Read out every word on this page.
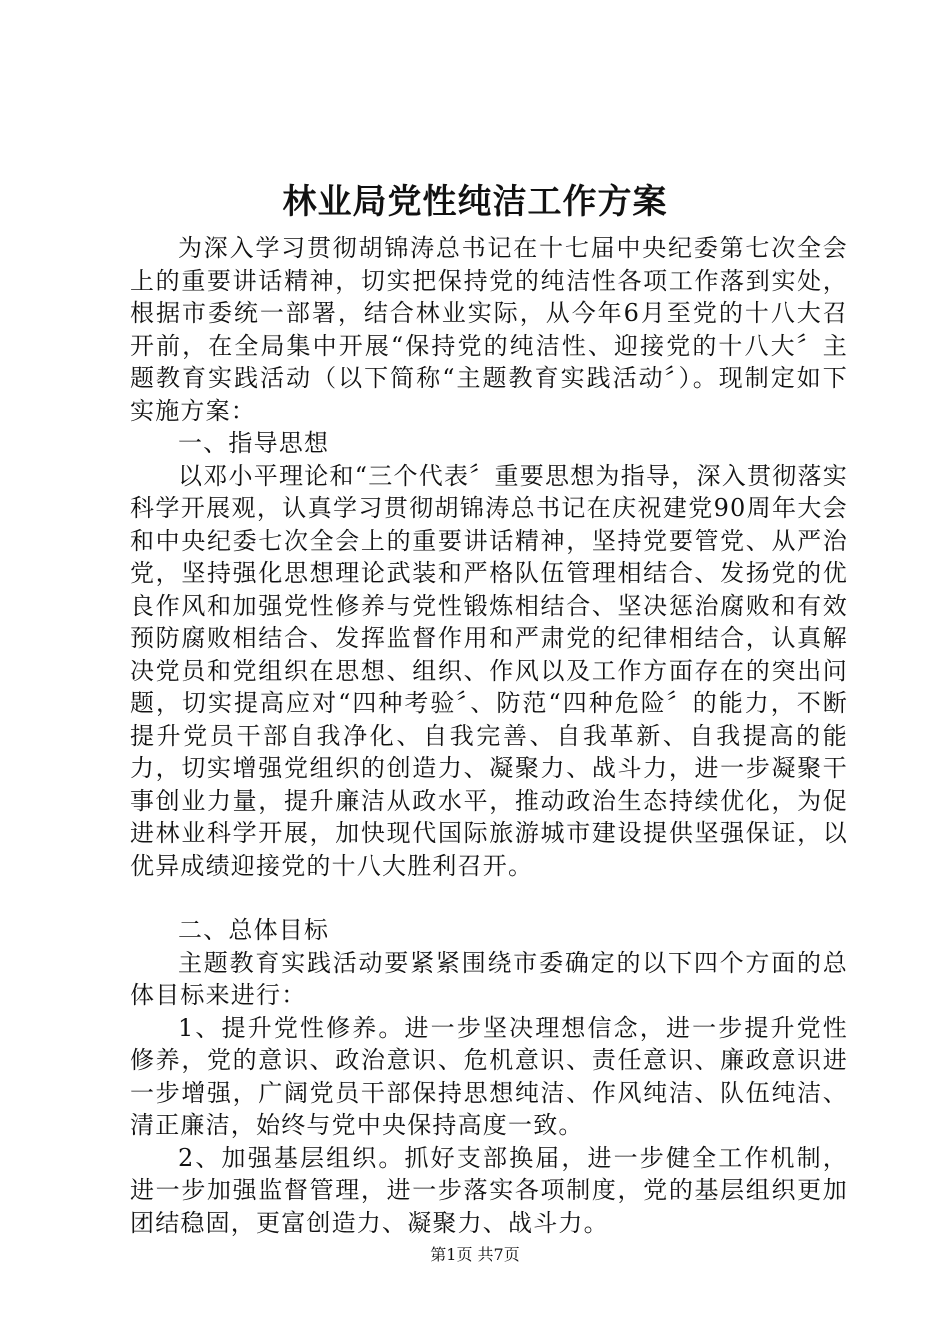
林业局党性纯洁工作方案

为深入学习贯彻胡锦涛总书记在十七届中央纪委第七次全会上的重要讲话精神，切实把保持党的纯洁性各项工作落到实处，根据市委统一部署，结合林业实际，从今年6月至党的十八大召开前，在全局集中开展“保持党的纯洁性、迎接党的十八大〞主题教育实践活动（以下简称“主题教育实践活动〞）。现制定如下实施方案：

一、指导思想

以邓小平理论和“三个代表〞重要思想为指导，深入贯彻落实科学开展观，认真学习贯彻胡锦涛总书记在庆祝建党90周年大会和中央纪委七次全会上的重要讲话精神，坚持党要管党、从严治党，坚持强化思想理论武装和严格队伍管理相结合、发扬党的优良作风和加强党性修养与党性锻炼相结合、坚决惩治腐败和有效预防腐败相结合、发挥监督作用和严肃党的纪律相结合，认真解决党员和党组织在思想、组织、作风以及工作方面存在的突出问题，切实提高应对“四种考验〞、防范“四种危险〞的能力，不断提升党员干部自我净化、自我完善、自我革新、自我提高的能力，切实增强党组织的创造力、凝聚力、战斗力，进一步凝聚干事创业力量，提升廉洁从政水平，推动政治生态持续优化，为促进林业科学开展，加快现代国际旅游城市建设提供坚强保证，以优异成绩迎接党的十八大胜利召开。

二、总体目标

主题教育实践活动要紧紧围绕市委确定的以下四个方面的总体目标来进行：

1、提升党性修养。进一步坚决理想信念，进一步提升党性修养，党的意识、政治意识、危机意识、责任意识、廉政意识进一步增强，广阔党员干部保持思想纯洁、作风纯洁、队伍纯洁、清正廉洁，始终与党中央保持高度一致。

2、加强基层组织。抓好支部换届，进一步健全工作机制，进一步加强监督管理，进一步落实各项制度，党的基层组织更加团结稳固，更富创造力、凝聚力、战斗力。

第1页 共7页
